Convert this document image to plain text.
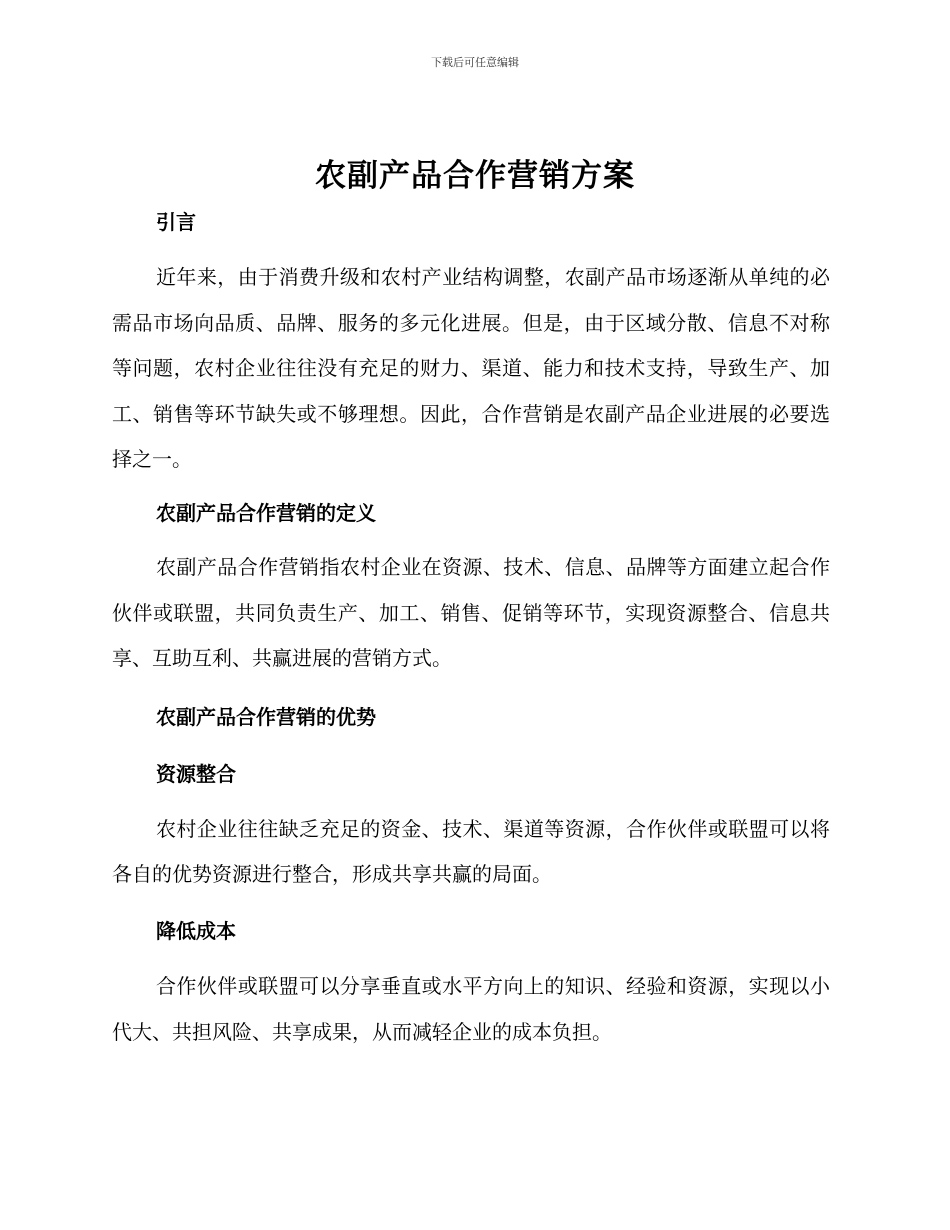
下载后可任意编辑
农副产品合作营销方案
引言

近年来，由于消费升级和农村产业结构调整，农副产品市场逐渐从单纯的必需品市场向品质、品牌、服务的多元化进展。但是，由于区域分散、信息不对称等问题，农村企业往往没有充足的财力、渠道、能力和技术支持，导致生产、加工、销售等环节缺失或不够理想。因此，合作营销是农副产品企业进展的必要选择之一。

农副产品合作营销的定义

农副产品合作营销指农村企业在资源、技术、信息、品牌等方面建立起合作伙伴或联盟，共同负责生产、加工、销售、促销等环节，实现资源整合、信息共享、互助互利、共赢进展的营销方式。

农副产品合作营销的优势
资源整合

农村企业往往缺乏充足的资金、技术、渠道等资源，合作伙伴或联盟可以将各自的优势资源进行整合，形成共享共赢的局面。

降低成本

合作伙伴或联盟可以分享垂直或水平方向上的知识、经验和资源，实现以小代大、共担风险、共享成果，从而减轻企业的成本负担。
